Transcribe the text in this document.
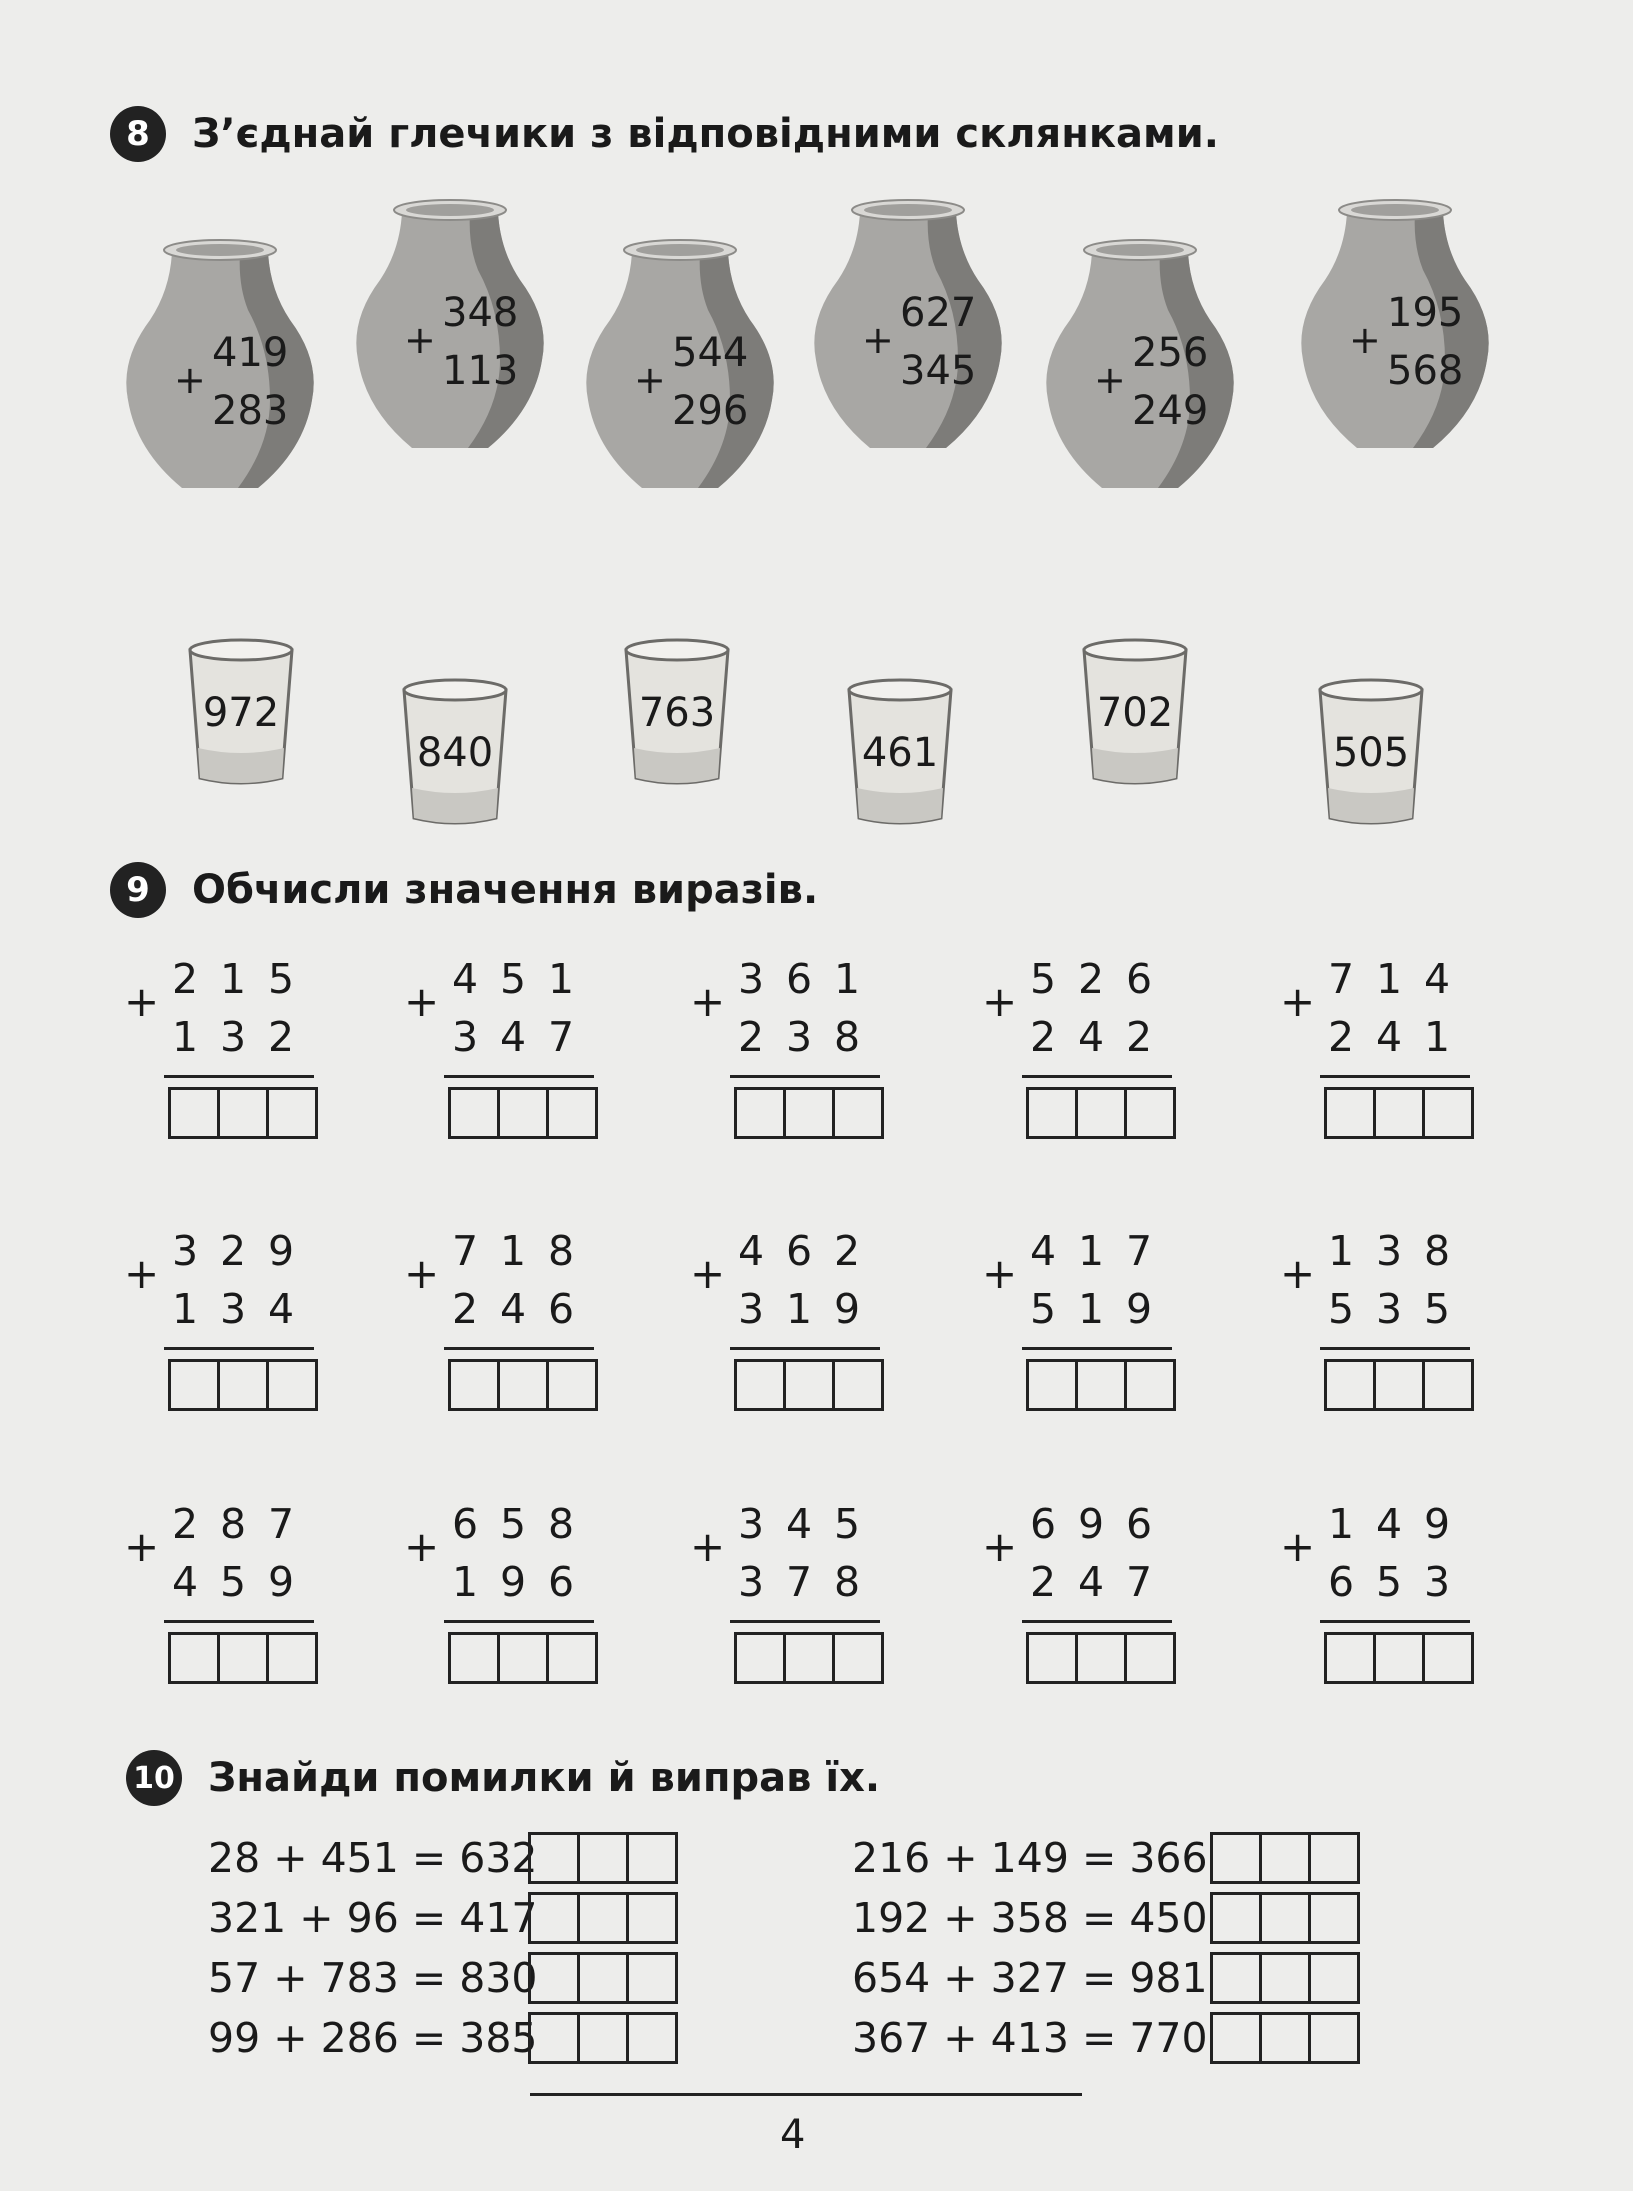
8	З’єднай глечики з відповідними склянками.
419
+
283
348
+
113	544
+
296
627
+
345	256
+
249
195
+
568
972
840
763
461
702
505
9	Обчисли значення виразів.
+ 2 1 5
1 3 2
+ 4 5 1
3 4 7
+ 3 6 1
2 3 8
+ 5 2 6
2 4 2
+ 7 1 4
2 4 1
+ 3 2 9
1 3 4
+ 7 1 8
2 4 6
+ 4 6 2
3 1 9
+ 4 1 7
5 1 9
+ 1 3 8
5 3 5
+ 2 8 7
4 5 9
+ 6 5 8
1 9 6
+ 3 4 5
3 7 8
+ 6 9 6
2 4 7
+ 1 4 9
6 5 3
10 Знайди помилки й виправ їх.
28 + 451 = 632
321 + 96 = 417
57 + 783 = 830
99 + 286 = 385
216 + 149 = 366
192 + 358 = 450
654 + 327 = 981
367 + 413 = 770
4
